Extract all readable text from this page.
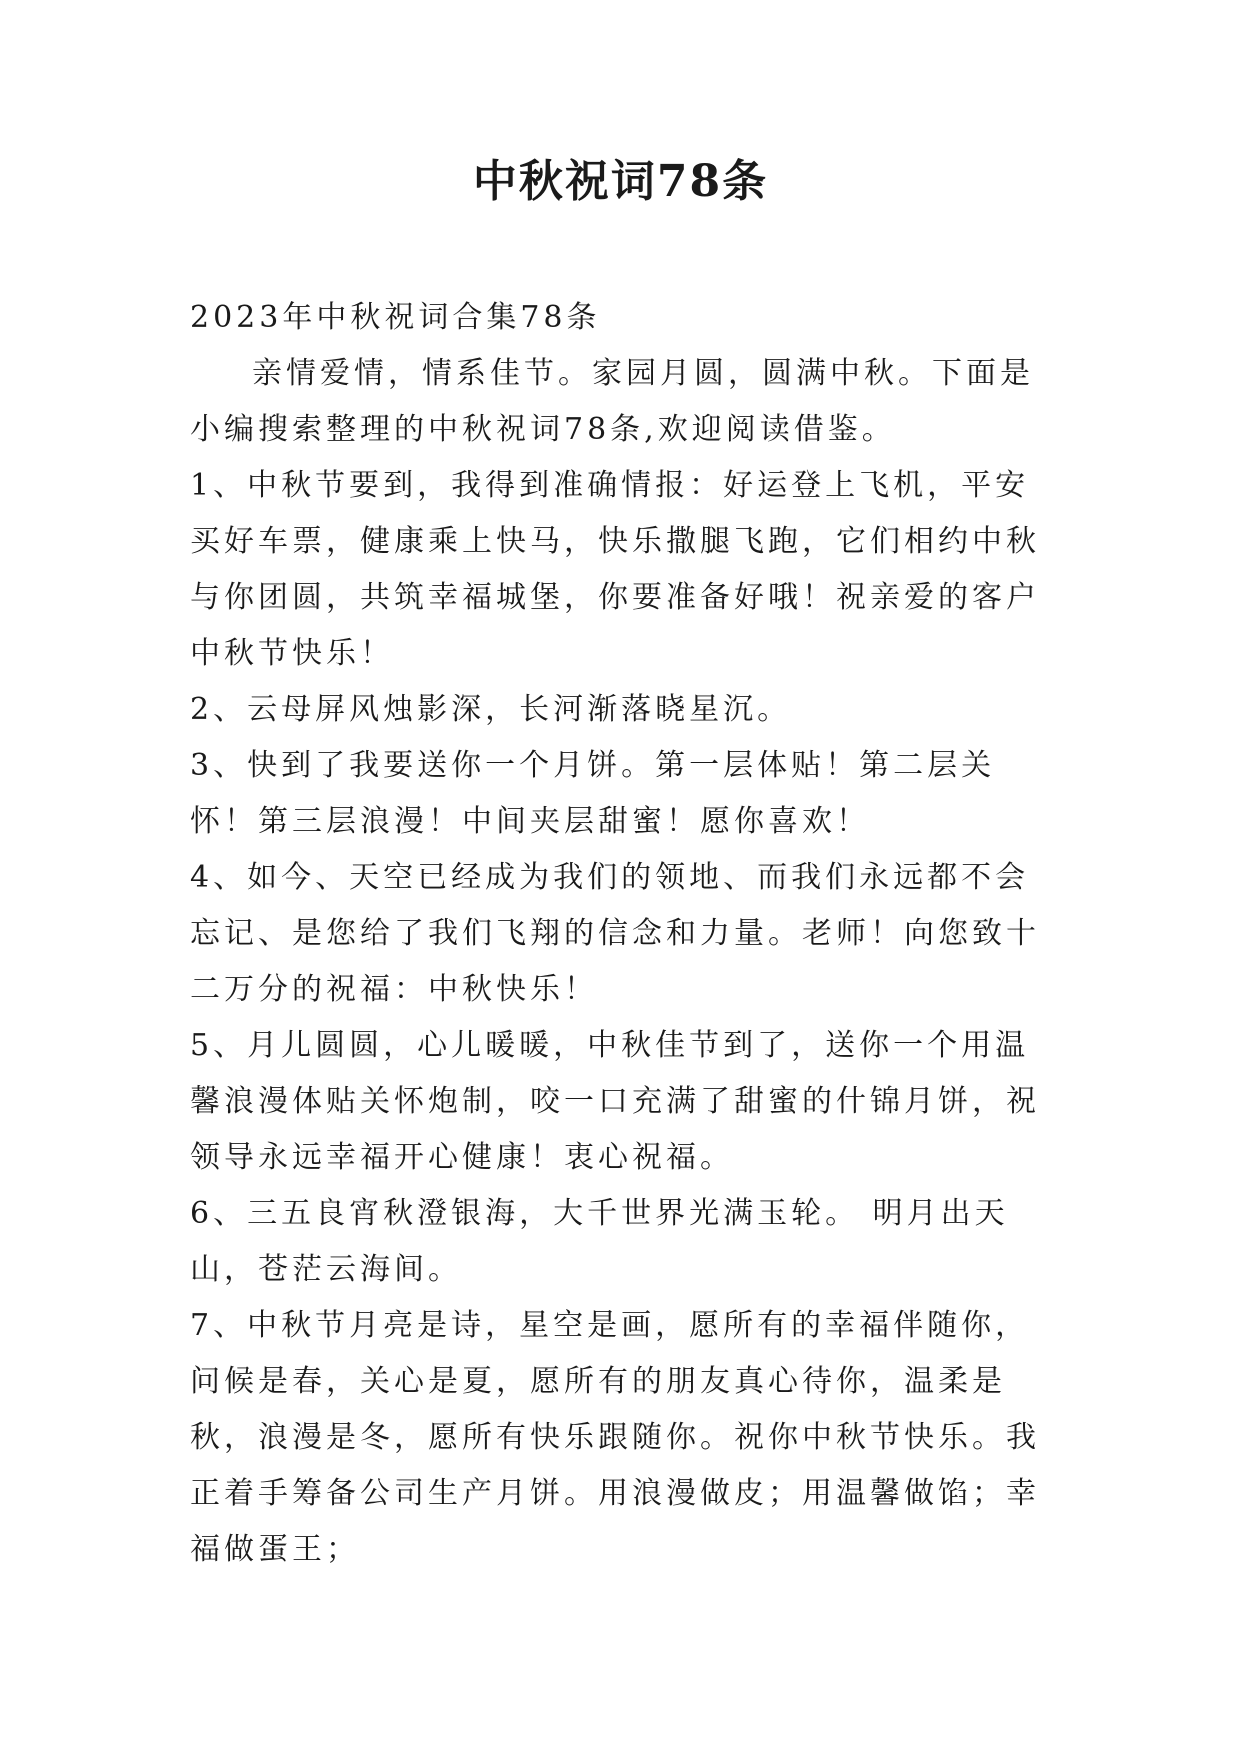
中秋祝词78条

2023年中秋祝词合集78条

亲情爱情，情系佳节。家园月圆，圆满中秋。下面是小编搜索整理的中秋祝词78条,欢迎阅读借鉴。

1、中秋节要到，我得到准确情报：好运登上飞机，平安买好车票，健康乘上快马，快乐撒腿飞跑，它们相约中秋与你团圆，共筑幸福城堡，你要准备好哦！祝亲爱的客户中秋节快乐！

2、云母屏风烛影深，长河渐落晓星沉。

3、快到了我要送你一个月饼。第一层体贴！第二层关怀！第三层浪漫！中间夹层甜蜜！愿你喜欢！

4、如今、天空已经成为我们的领地、而我们永远都不会忘记、是您给了我们飞翔的信念和力量。老师！向您致十二万分的祝福：中秋快乐！

5、月儿圆圆，心儿暖暖，中秋佳节到了，送你一个用温馨浪漫体贴关怀炮制，咬一口充满了甜蜜的什锦月饼，祝领导永远幸福开心健康！衷心祝福。

6、三五良宵秋澄银海，大千世界光满玉轮。 明月出天山，苍茫云海间。

7、中秋节月亮是诗，星空是画，愿所有的幸福伴随你，问候是春，关心是夏，愿所有的朋友真心待你，温柔是秋，浪漫是冬，愿所有快乐跟随你。祝你中秋节快乐。我正着手筹备公司生产月饼。用浪漫做皮；用温馨做馅；幸福做蛋王；
